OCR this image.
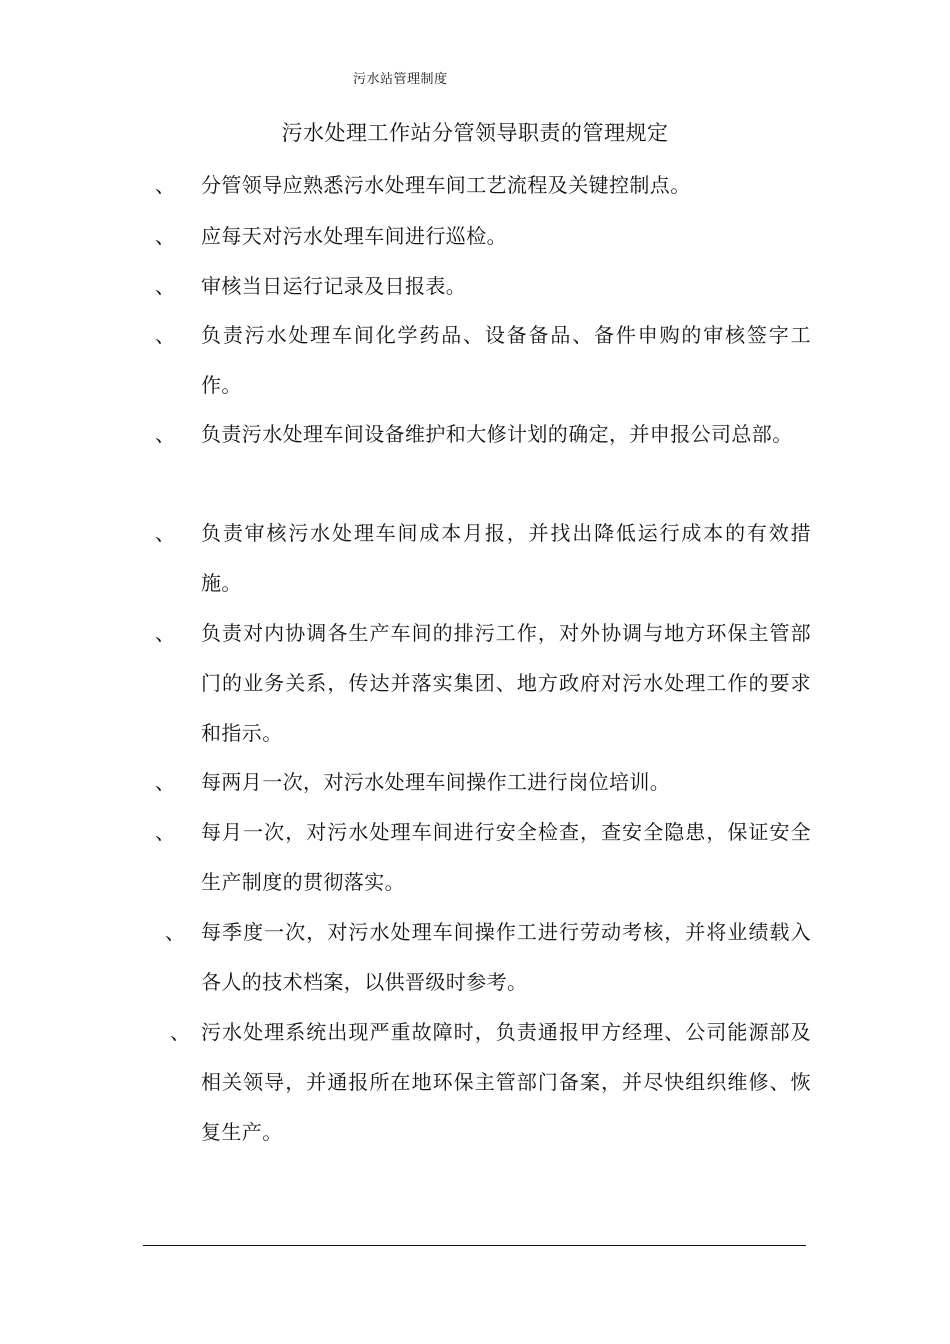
污水站管理制度
污水处理工作站分管领导职责的管理规定
、 分管领导应熟悉污水处理车间工艺流程及关键控制点。
、 应每天对污水处理车间进行巡检。
、 审核当日运行记录及日报表。
、 负责污水处理车间化学药品、设备备品、备件申购的审核签字工作。
、 负责污水处理车间设备维护和大修计划的确定，并申报公司总部。
、 负责审核污水处理车间成本月报，并找出降低运行成本的有效措施。
、 负责对内协调各生产车间的排污工作，对外协调与地方环保主管部门的业务关系，传达并落实集团、地方政府对污水处理工作的要求和指示。
、 每两月一次，对污水处理车间操作工进行岗位培训。
、 每月一次，对污水处理车间进行安全检查，查安全隐患，保证安全生产制度的贯彻落实。
、 每季度一次，对污水处理车间操作工进行劳动考核，并将业绩载入各人的技术档案，以供晋级时参考。
、 污水处理系统出现严重故障时，负责通报甲方经理、公司能源部及相关领导，并通报所在地环保主管部门备案，并尽快组织维修、恢复生产。
